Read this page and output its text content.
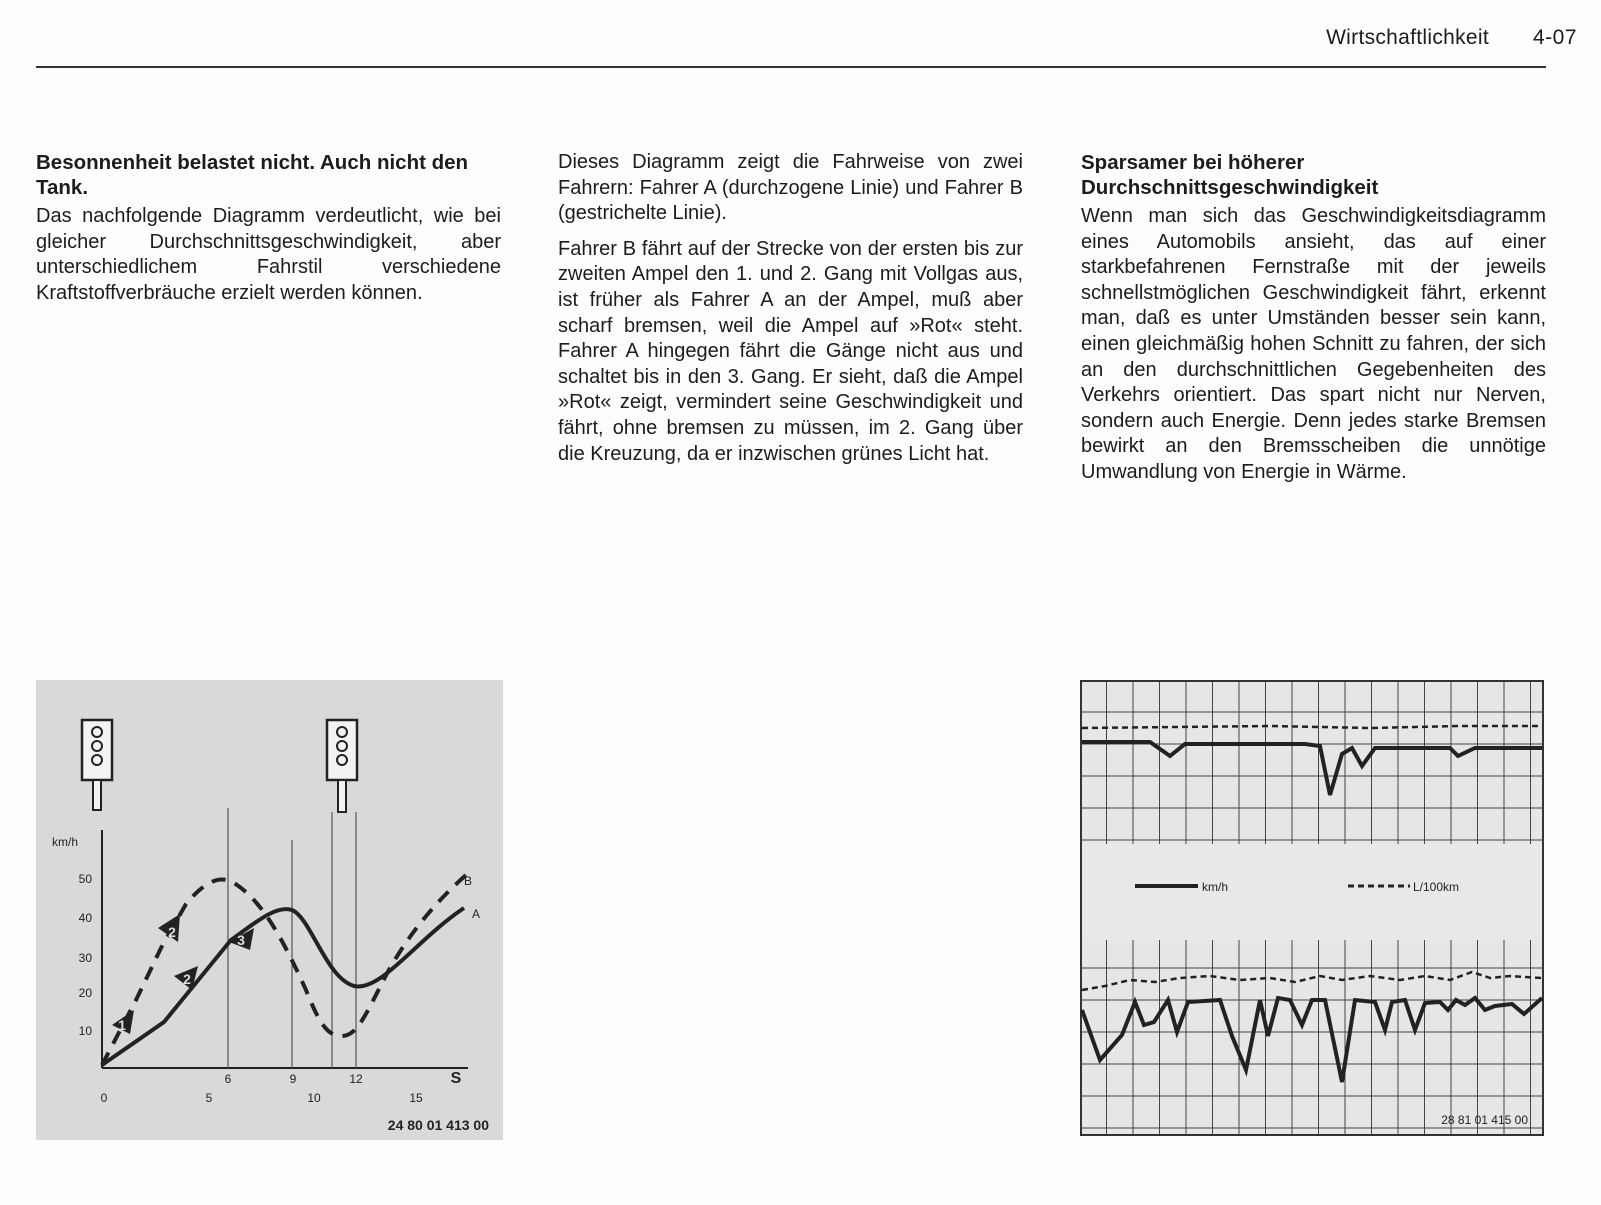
Wirtschaftlichkeit 4-07
Besonnenheit belastet nicht. Auch nicht den Tank.

Das nachfolgende Diagramm verdeutlicht, wie bei gleicher Durchschnittsgeschwindigkeit, aber unterschiedlichem Fahrstil verschiedene Kraftstoffverbräuche erzielt werden können.

Dieses Diagramm zeigt die Fahrweise von zwei Fahrern: Fahrer A (durchzogene Linie) und Fahrer B (gestrichelte Linie).

Fahrer B fährt auf der Strecke von der ersten bis zur zweiten Ampel den 1. und 2. Gang mit Vollgas aus, ist früher als Fahrer A an der Ampel, muß aber scharf bremsen, weil die Ampel auf »Rot« steht. Fahrer A hingegen fährt die Gänge nicht aus und schaltet bis in den 3. Gang. Er sieht, daß die Ampel »Rot« zeigt, vermindert seine Geschwindigkeit und fährt, ohne bremsen zu müssen, im 2. Gang über die Kreuzung, da er inzwischen grünes Licht hat.

Sparsamer bei höherer
Durchschnittsgeschwindigkeit

Wenn man sich das Geschwindigkeitsdiagramm eines Automobils ansieht, das auf einer starkbefahrenen Fernstraße mit der jeweils schnellstmöglichen Geschwindigkeit fährt, erkennt man, daß es unter Umständen besser sein kann, einen gleichmäßig hohen Schnitt zu fahren, der sich an den durchschnittlichen Gegebenheiten des Verkehrs orientiert. Das spart nicht nur Nerven, sondern auch Energie. Denn jedes starke Bremsen bewirkt an den Bremsscheiben die unnötige Umwandlung von Energie in Wärme.

km/h
10
20
30
40
50
6	9	12	S
0	5	10	15
1
2
2
3
B
A
24 80 01 413 00
km/h	L/100km
28 81 01 415 00
